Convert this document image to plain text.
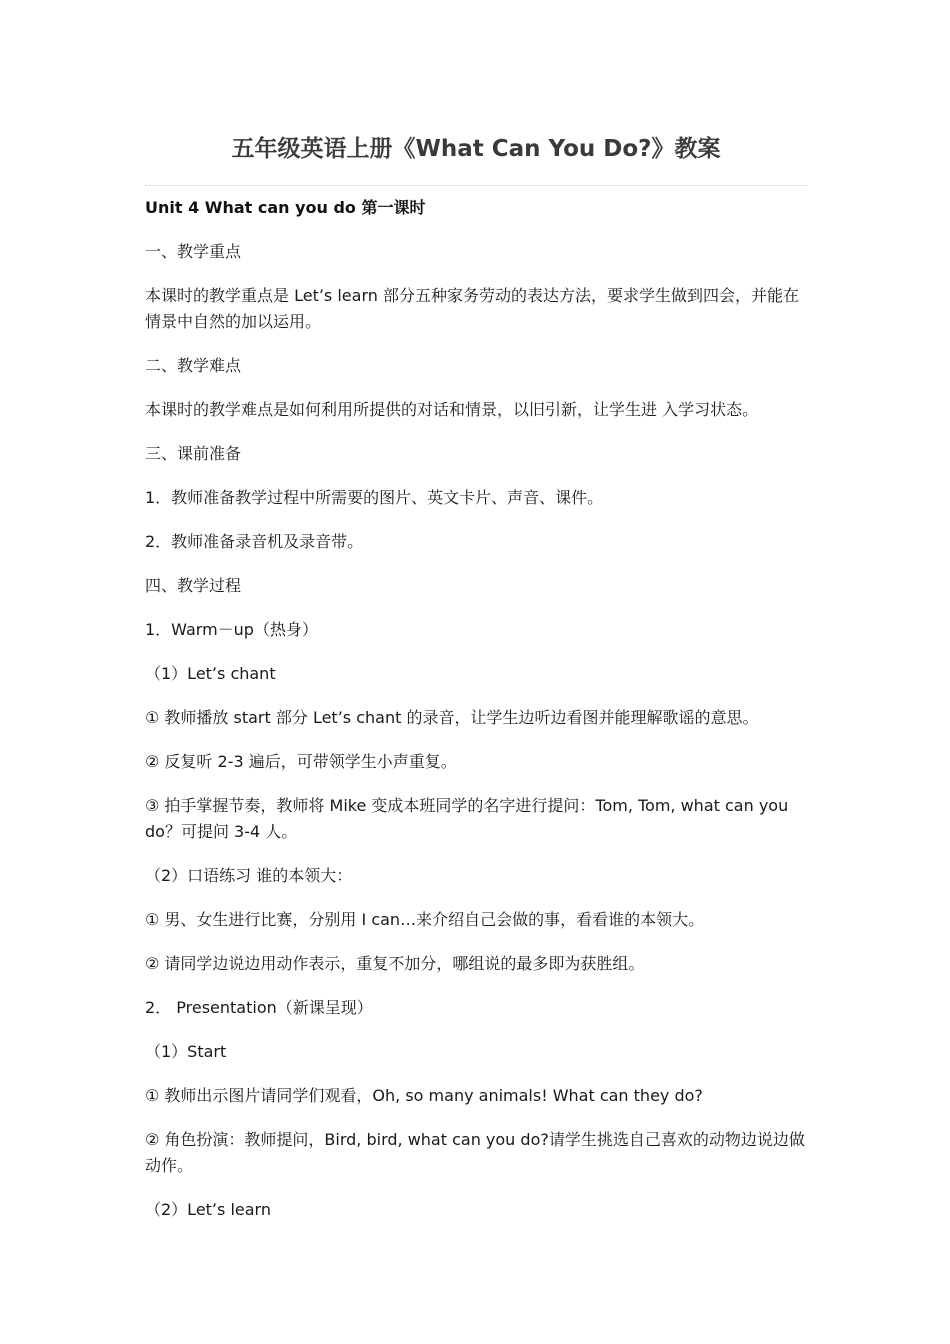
五年级英语上册《What Can You Do?》教案
Unit 4 What can you do 第一课时

一、教学重点

本课时的教学重点是 Let’s learn 部分五种家务劳动的表达方法，要求学生做到四会，并能在情景中自然的加以运用。

二、教学难点

本课时的教学难点是如何利用所提供的对话和情景，以旧引新，让学生进 入学习状态。

三、课前准备

1．教师准备教学过程中所需要的图片、英文卡片、声音、课件。

2．教师准备录音机及录音带。

四、教学过程

1．Warm－up（热身）

（1）Let’s chant

① 教师播放 start 部分 Let’s chant 的录音，让学生边听边看图并能理解歌谣的意思。

② 反复听 2-3 遍后，可带领学生小声重复。

③ 拍手掌握节奏，教师将 Mike 变成本班同学的名字进行提问：Tom, Tom, what can you do？可提问 3-4 人。

（2）口语练习 谁的本领大：

① 男、女生进行比赛，分别用 I can…来介绍自己会做的事，看看谁的本领大。

② 请同学边说边用动作表示，重复不加分，哪组说的最多即为获胜组。

2． Presentation（新课呈现）

（1）Start

① 教师出示图片请同学们观看，Oh, so many animals! What can they do?

② 角色扮演：教师提问，Bird, bird, what can you do?请学生挑选自己喜欢的动物边说边做动作。

（2）Let’s learn
